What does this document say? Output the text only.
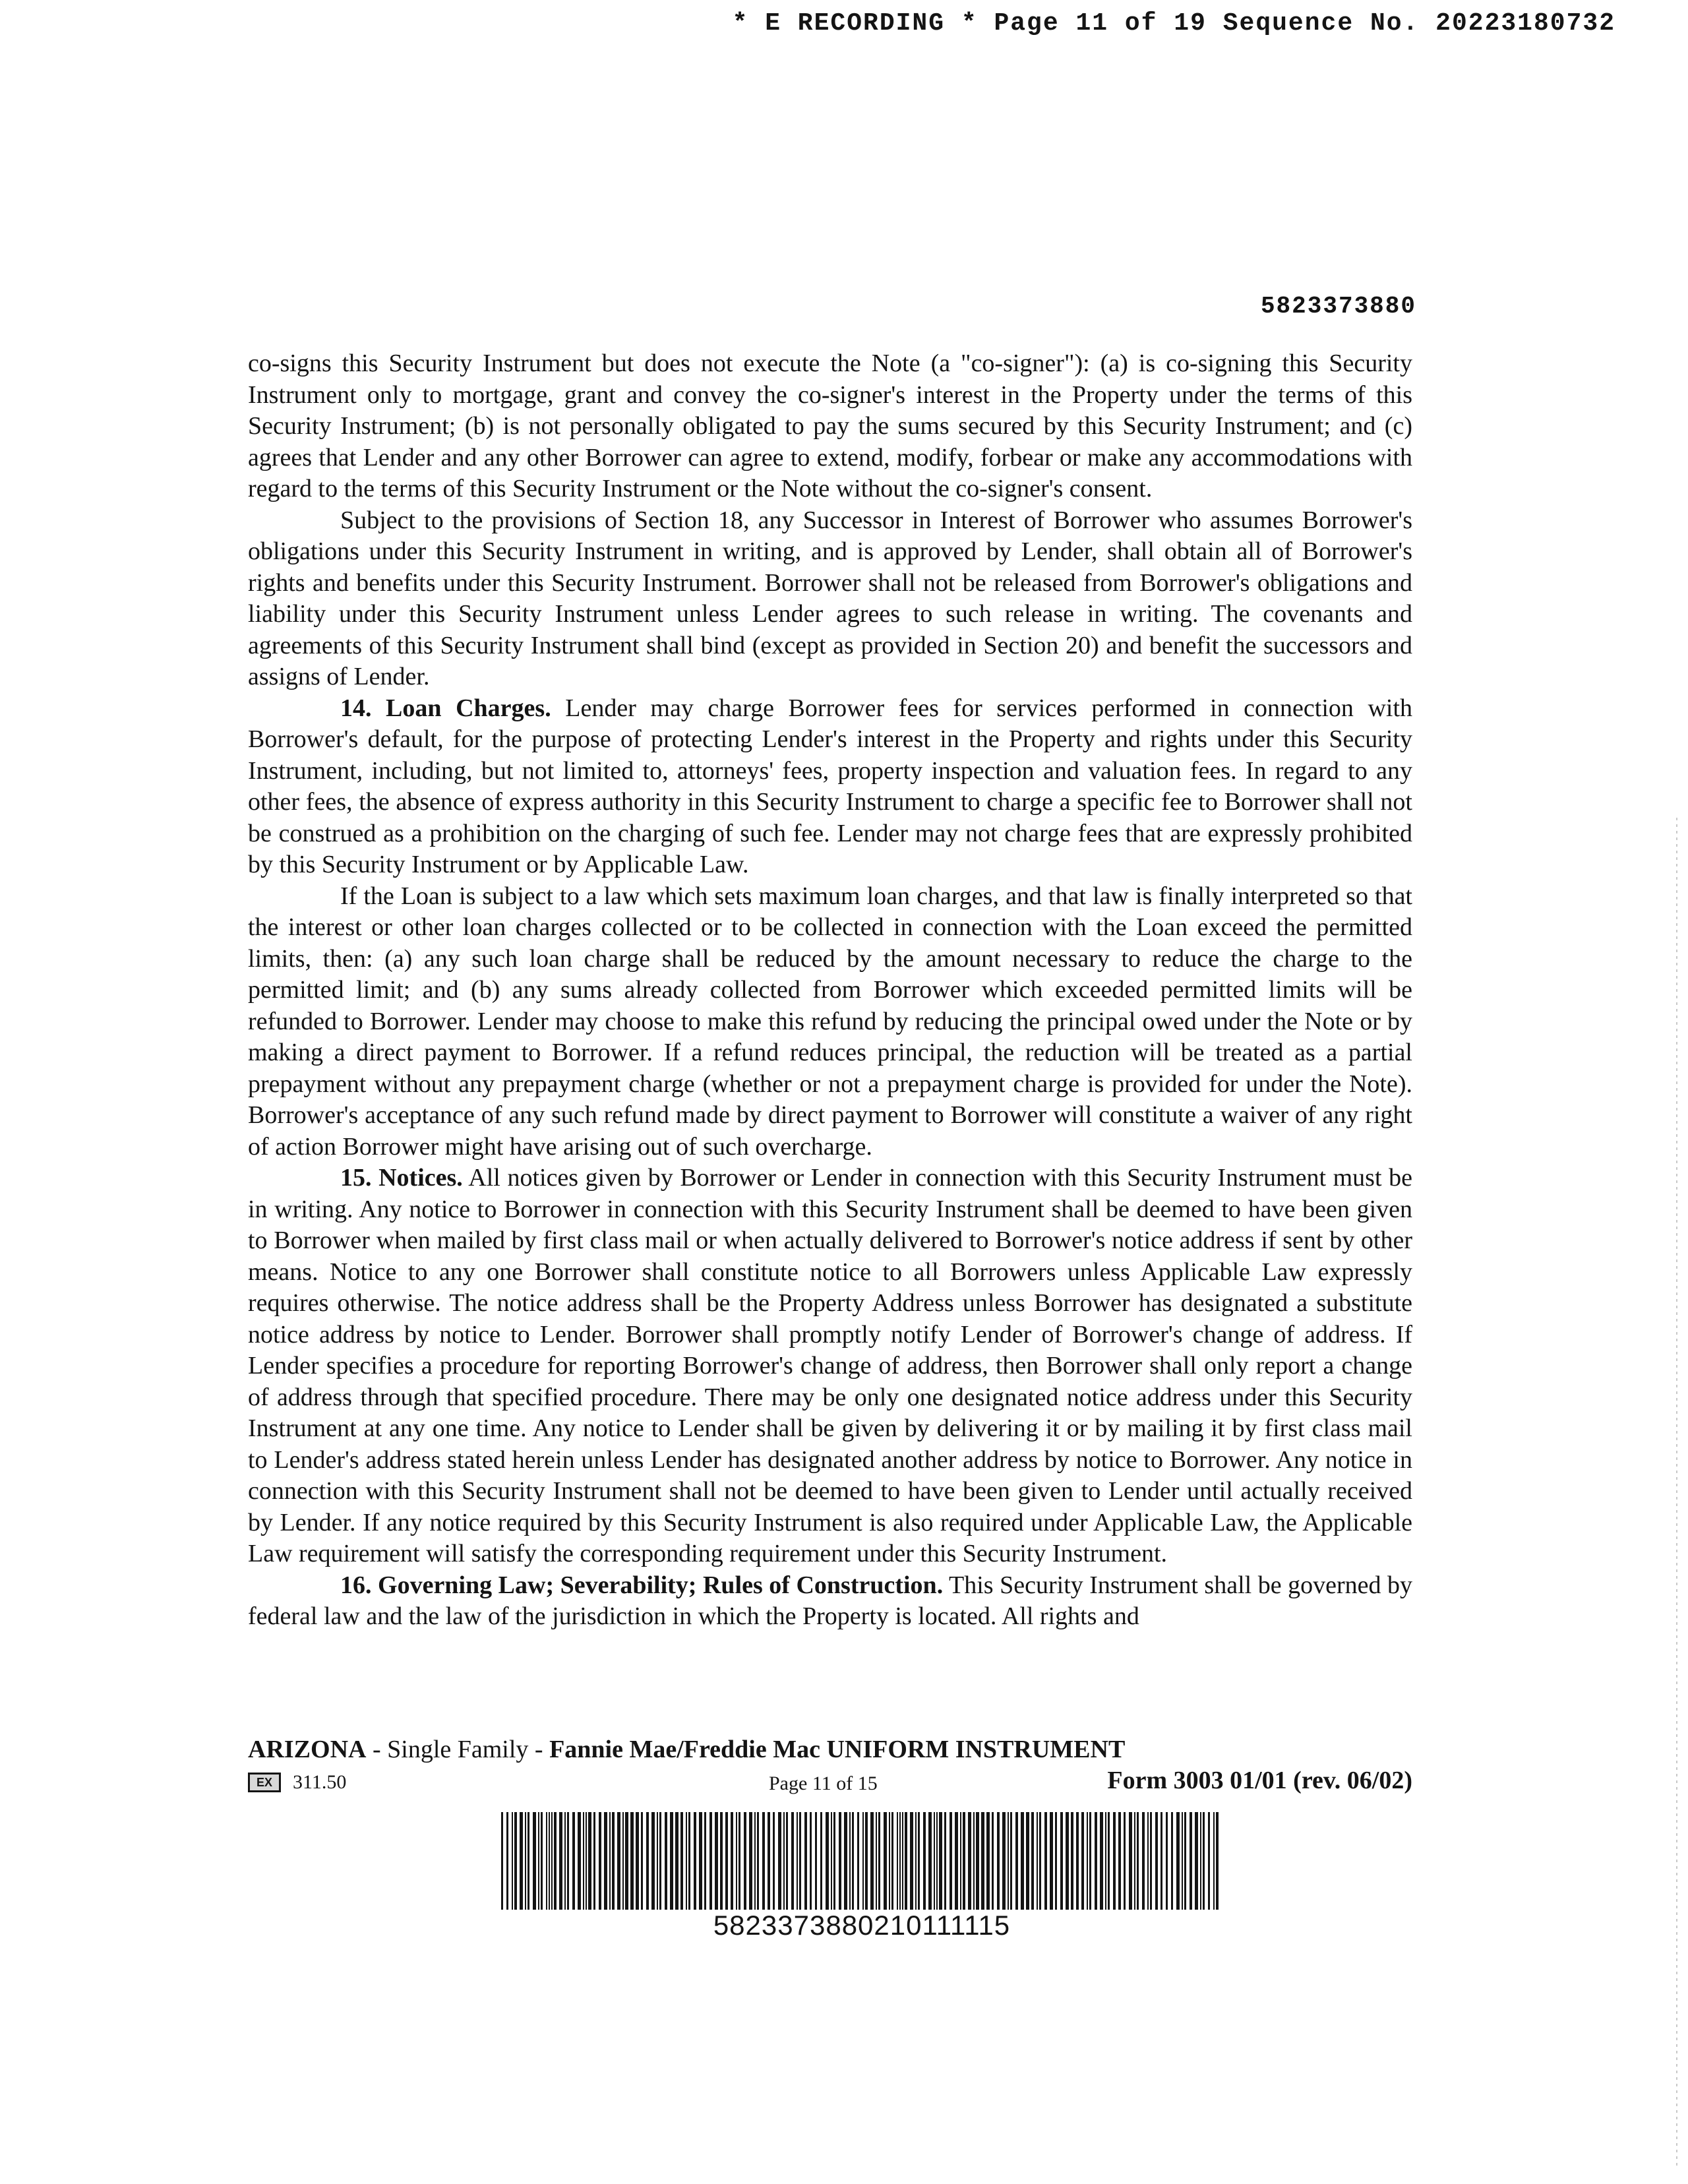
* E RECORDING * Page 11 of 19 Sequence No. 20223180732
5823373880

co-signs this Security Instrument but does not execute the Note (a "co-signer"): (a) is co-signing this Security Instrument only to mortgage, grant and convey the co-signer's interest in the Property under the terms of this Security Instrument; (b) is not personally obligated to pay the sums secured by this Security Instrument; and (c) agrees that Lender and any other Borrower can agree to extend, modify, forbear or make any accommodations with regard to the terms of this Security Instrument or the Note without the co-signer's consent.

Subject to the provisions of Section 18, any Successor in Interest of Borrower who assumes Borrower's obligations under this Security Instrument in writing, and is approved by Lender, shall obtain all of Borrower's rights and benefits under this Security Instrument. Borrower shall not be released from Borrower's obligations and liability under this Security Instrument unless Lender agrees to such release in writing. The covenants and agreements of this Security Instrument shall bind (except as provided in Section 20) and benefit the successors and assigns of Lender.

14. Loan Charges. Lender may charge Borrower fees for services performed in connection with Borrower's default, for the purpose of protecting Lender's interest in the Property and rights under this Security Instrument, including, but not limited to, attorneys' fees, property inspection and valuation fees. In regard to any other fees, the absence of express authority in this Security Instrument to charge a specific fee to Borrower shall not be construed as a prohibition on the charging of such fee. Lender may not charge fees that are expressly prohibited by this Security Instrument or by Applicable Law.

If the Loan is subject to a law which sets maximum loan charges, and that law is finally interpreted so that the interest or other loan charges collected or to be collected in connection with the Loan exceed the permitted limits, then: (a) any such loan charge shall be reduced by the amount necessary to reduce the charge to the permitted limit; and (b) any sums already collected from Borrower which exceeded permitted limits will be refunded to Borrower. Lender may choose to make this refund by reducing the principal owed under the Note or by making a direct payment to Borrower. If a refund reduces principal, the reduction will be treated as a partial prepayment without any prepayment charge (whether or not a prepayment charge is provided for under the Note). Borrower's acceptance of any such refund made by direct payment to Borrower will constitute a waiver of any right of action Borrower might have arising out of such overcharge.

15. Notices. All notices given by Borrower or Lender in connection with this Security Instrument must be in writing. Any notice to Borrower in connection with this Security Instrument shall be deemed to have been given to Borrower when mailed by first class mail or when actually delivered to Borrower's notice address if sent by other means. Notice to any one Borrower shall constitute notice to all Borrowers unless Applicable Law expressly requires otherwise. The notice address shall be the Property Address unless Borrower has designated a substitute notice address by notice to Lender. Borrower shall promptly notify Lender of Borrower's change of address. If Lender specifies a procedure for reporting Borrower's change of address, then Borrower shall only report a change of address through that specified procedure. There may be only one designated notice address under this Security Instrument at any one time. Any notice to Lender shall be given by delivering it or by mailing it by first class mail to Lender's address stated herein unless Lender has designated another address by notice to Borrower. Any notice in connection with this Security Instrument shall not be deemed to have been given to Lender until actually received by Lender. If any notice required by this Security Instrument is also required under Applicable Law, the Applicable Law requirement will satisfy the corresponding requirement under this Security Instrument.

16. Governing Law; Severability; Rules of Construction. This Security Instrument shall be governed by federal law and the law of the jurisdiction in which the Property is located. All rights and

ARIZONA - Single Family - Fannie Mae/Freddie Mac UNIFORM INSTRUMENT
EX	311.50	Page 11 of 15	Form 3003 01/01 (rev. 06/02)
5823373880210111115
